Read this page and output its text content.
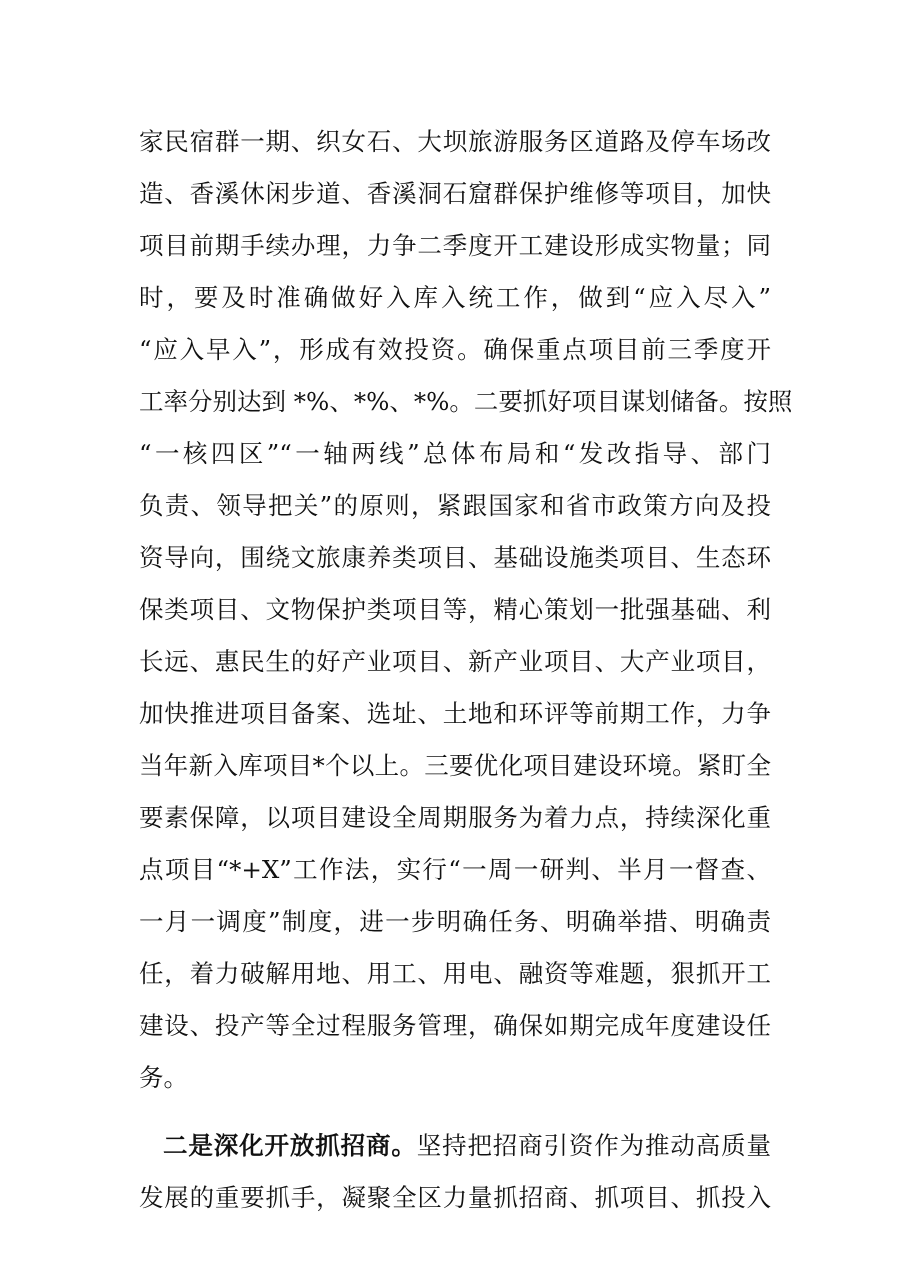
家民宿群一期、织女石、大坝旅游服务区道路及停车场改
造、香溪休闲步道、香溪洞石窟群保护维修等项目，加快
项目前期手续办理，力争二季度开工建设形成实物量；同
时，要及时准确做好入库入统工作，做到“应入尽入”
“应入早入”，形成有效投资。确保重点项目前三季度开
工率分别达到 *%、*%、*%。二要抓好项目谋划储备。按照
“一核四区”“一轴两线”总体布局和“发改指导、部门
负责、领导把关”的原则，紧跟国家和省市政策方向及投
资导向，围绕文旅康养类项目、基础设施类项目、生态环
保类项目、文物保护类项目等，精心策划一批强基础、利
长远、惠民生的好产业项目、新产业项目、大产业项目，
加快推进项目备案、选址、土地和环评等前期工作，力争
当年新入库项目*个以上。三要优化项目建设环境。紧盯全
要素保障，以项目建设全周期服务为着力点，持续深化重
点项目“*+X”工作法，实行“一周一研判、半月一督查、
一月一调度”制度，进一步明确任务、明确举措、明确责
任，着力破解用地、用工、用电、融资等难题，狠抓开工
建设、投产等全过程服务管理，确保如期完成年度建设任
务。
二是深化开放抓招商。坚持把招商引资作为推动高质量
发展的重要抓手，凝聚全区力量抓招商、抓项目、抓投入
